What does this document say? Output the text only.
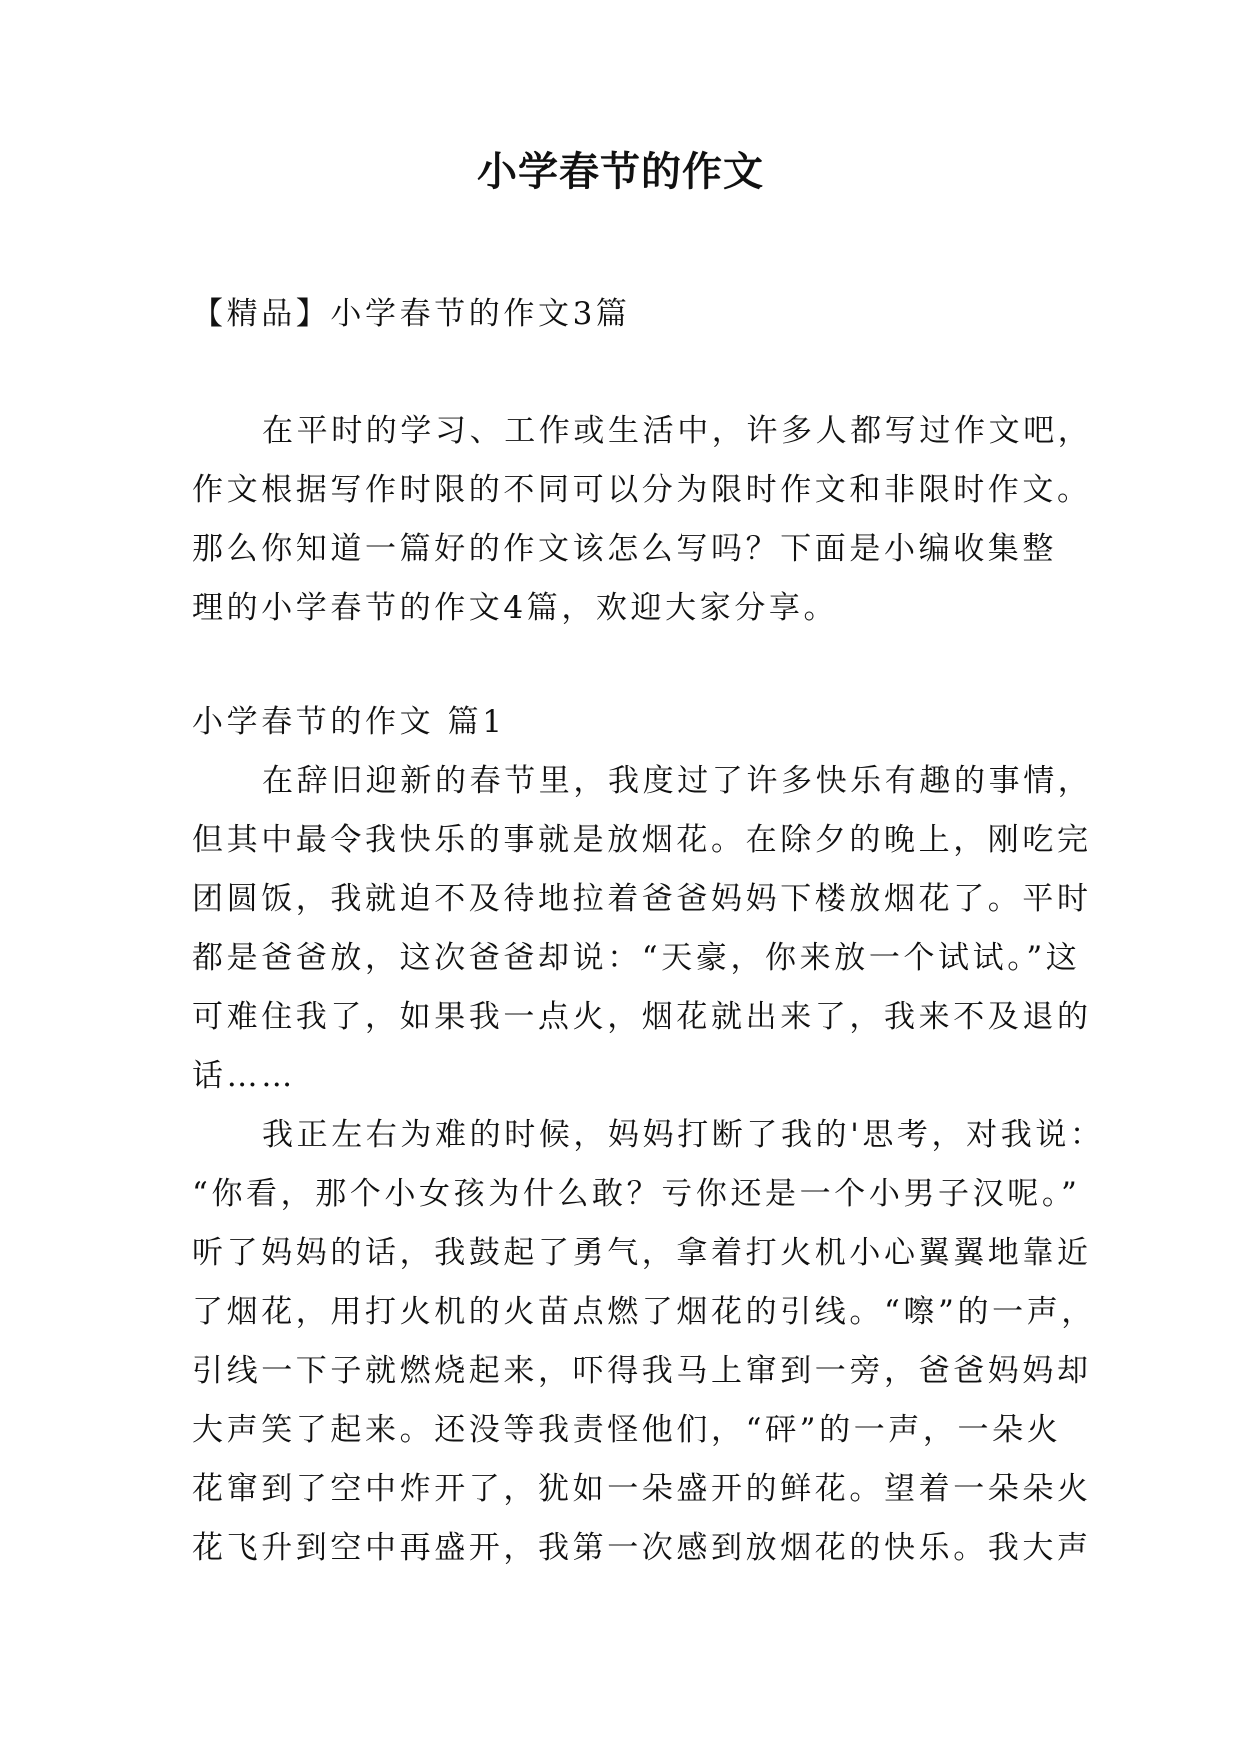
小学春节的作文

【精品】小学春节的作文3篇

在平时的学习、工作或生活中，许多人都写过作文吧，

作文根据写作时限的不同可以分为限时作文和非限时作文。

那么你知道一篇好的作文该怎么写吗？下面是小编收集整

理的小学春节的作文4篇，欢迎大家分享。

小学春节的作文 篇1

在辞旧迎新的春节里，我度过了许多快乐有趣的事情，

但其中最令我快乐的事就是放烟花。在除夕的晚上，刚吃完

团圆饭，我就迫不及待地拉着爸爸妈妈下楼放烟花了。平时

都是爸爸放，这次爸爸却说：“天豪，你来放一个试试。”这

可难住我了，如果我一点火，烟花就出来了，我来不及退的

话……

我正左右为难的时候，妈妈打断了我的'思考，对我说：

“你看，那个小女孩为什么敢？亏你还是一个小男子汉呢。”

听了妈妈的话，我鼓起了勇气，拿着打火机小心翼翼地靠近

了烟花，用打火机的火苗点燃了烟花的引线。“嚓”的一声，

引线一下子就燃烧起来，吓得我马上窜到一旁，爸爸妈妈却

大声笑了起来。还没等我责怪他们，“砰”的一声，一朵火

花窜到了空中炸开了，犹如一朵盛开的鲜花。望着一朵朵火

花飞升到空中再盛开，我第一次感到放烟花的快乐。我大声
